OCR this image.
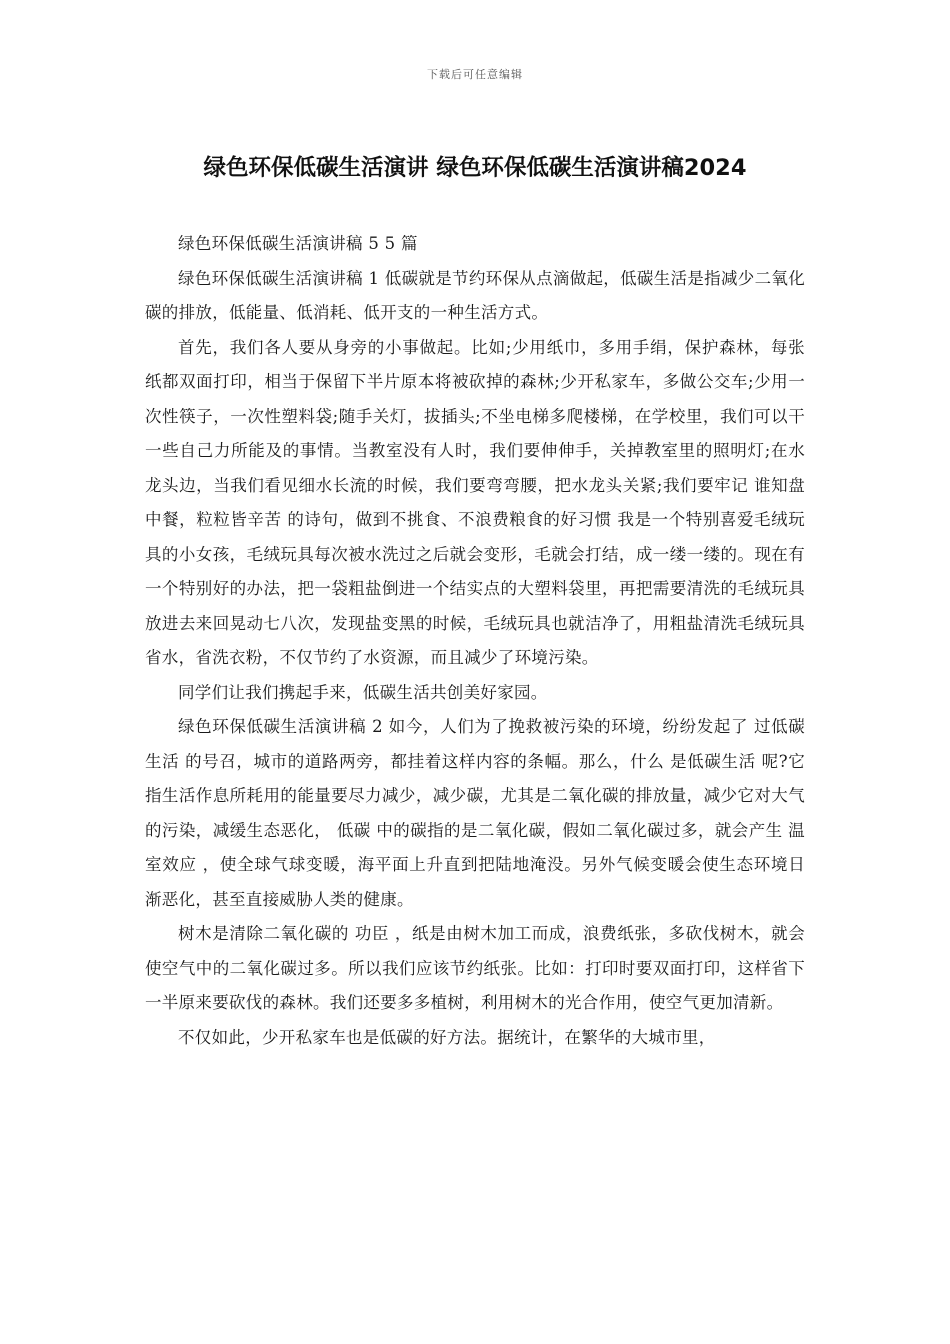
下载后可任意编辑
绿色环保低碳生活演讲 绿色环保低碳生活演讲稿2024

绿色环保低碳生活演讲稿 5 5 篇

绿色环保低碳生活演讲稿 1 低碳就是节约环保从点滴做起，低碳生活是指减少二氧化碳的排放，低能量、低消耗、低开支的一种生活方式。

首先，我们各人要从身旁的小事做起。比如;少用纸巾，多用手绢，保护森林，每张纸都双面打印，相当于保留下半片原本将被砍掉的森林;少开私家车，多做公交车;少用一次性筷子，一次性塑料袋;随手关灯，拔插头;不坐电梯多爬楼梯，在学校里，我们可以干一些自己力所能及的事情。当教室没有人时，我们要伸伸手，关掉教室里的照明灯;在水龙头边，当我们看见细水长流的时候，我们要弯弯腰，把水龙头关紧;我们要牢记 谁知盘中餐，粒粒皆辛苦 的诗句，做到不挑食、不浪费粮食的好习惯 我是一个特别喜爱毛绒玩具的小女孩，毛绒玩具每次被水洗过之后就会变形，毛就会打结，成一缕一缕的。现在有一个特别好的办法，把一袋粗盐倒进一个结实点的大塑料袋里，再把需要清洗的毛绒玩具放进去来回晃动七八次，发现盐变黑的时候，毛绒玩具也就洁净了，用粗盐清洗毛绒玩具省水，省洗衣粉，不仅节约了水资源，而且减少了环境污染。

同学们让我们携起手来，低碳生活共创美好家园。

绿色环保低碳生活演讲稿 2 如今，人们为了挽救被污染的环境，纷纷发起了 过低碳生活 的号召，城市的道路两旁，都挂着这样内容的条幅。那么，什么 是低碳生活 呢?它指生活作息所耗用的能量要尽力减少，减少碳，尤其是二氧化碳的排放量，减少它对大气的污染，减缓生态恶化， 低碳 中的碳指的是二氧化碳，假如二氧化碳过多，就会产生 温室效应 ，使全球气球变暖，海平面上升直到把陆地淹没。另外气候变暖会使生态环境日渐恶化，甚至直接威胁人类的健康。

树木是清除二氧化碳的 功臣 ，纸是由树木加工而成，浪费纸张，多砍伐树木，就会使空气中的二氧化碳过多。所以我们应该节约纸张。比如：打印时要双面打印，这样省下一半原来要砍伐的森林。我们还要多多植树，利用树木的光合作用，使空气更加清新。

不仅如此，少开私家车也是低碳的好方法。据统计，在繁华的大城市里，
